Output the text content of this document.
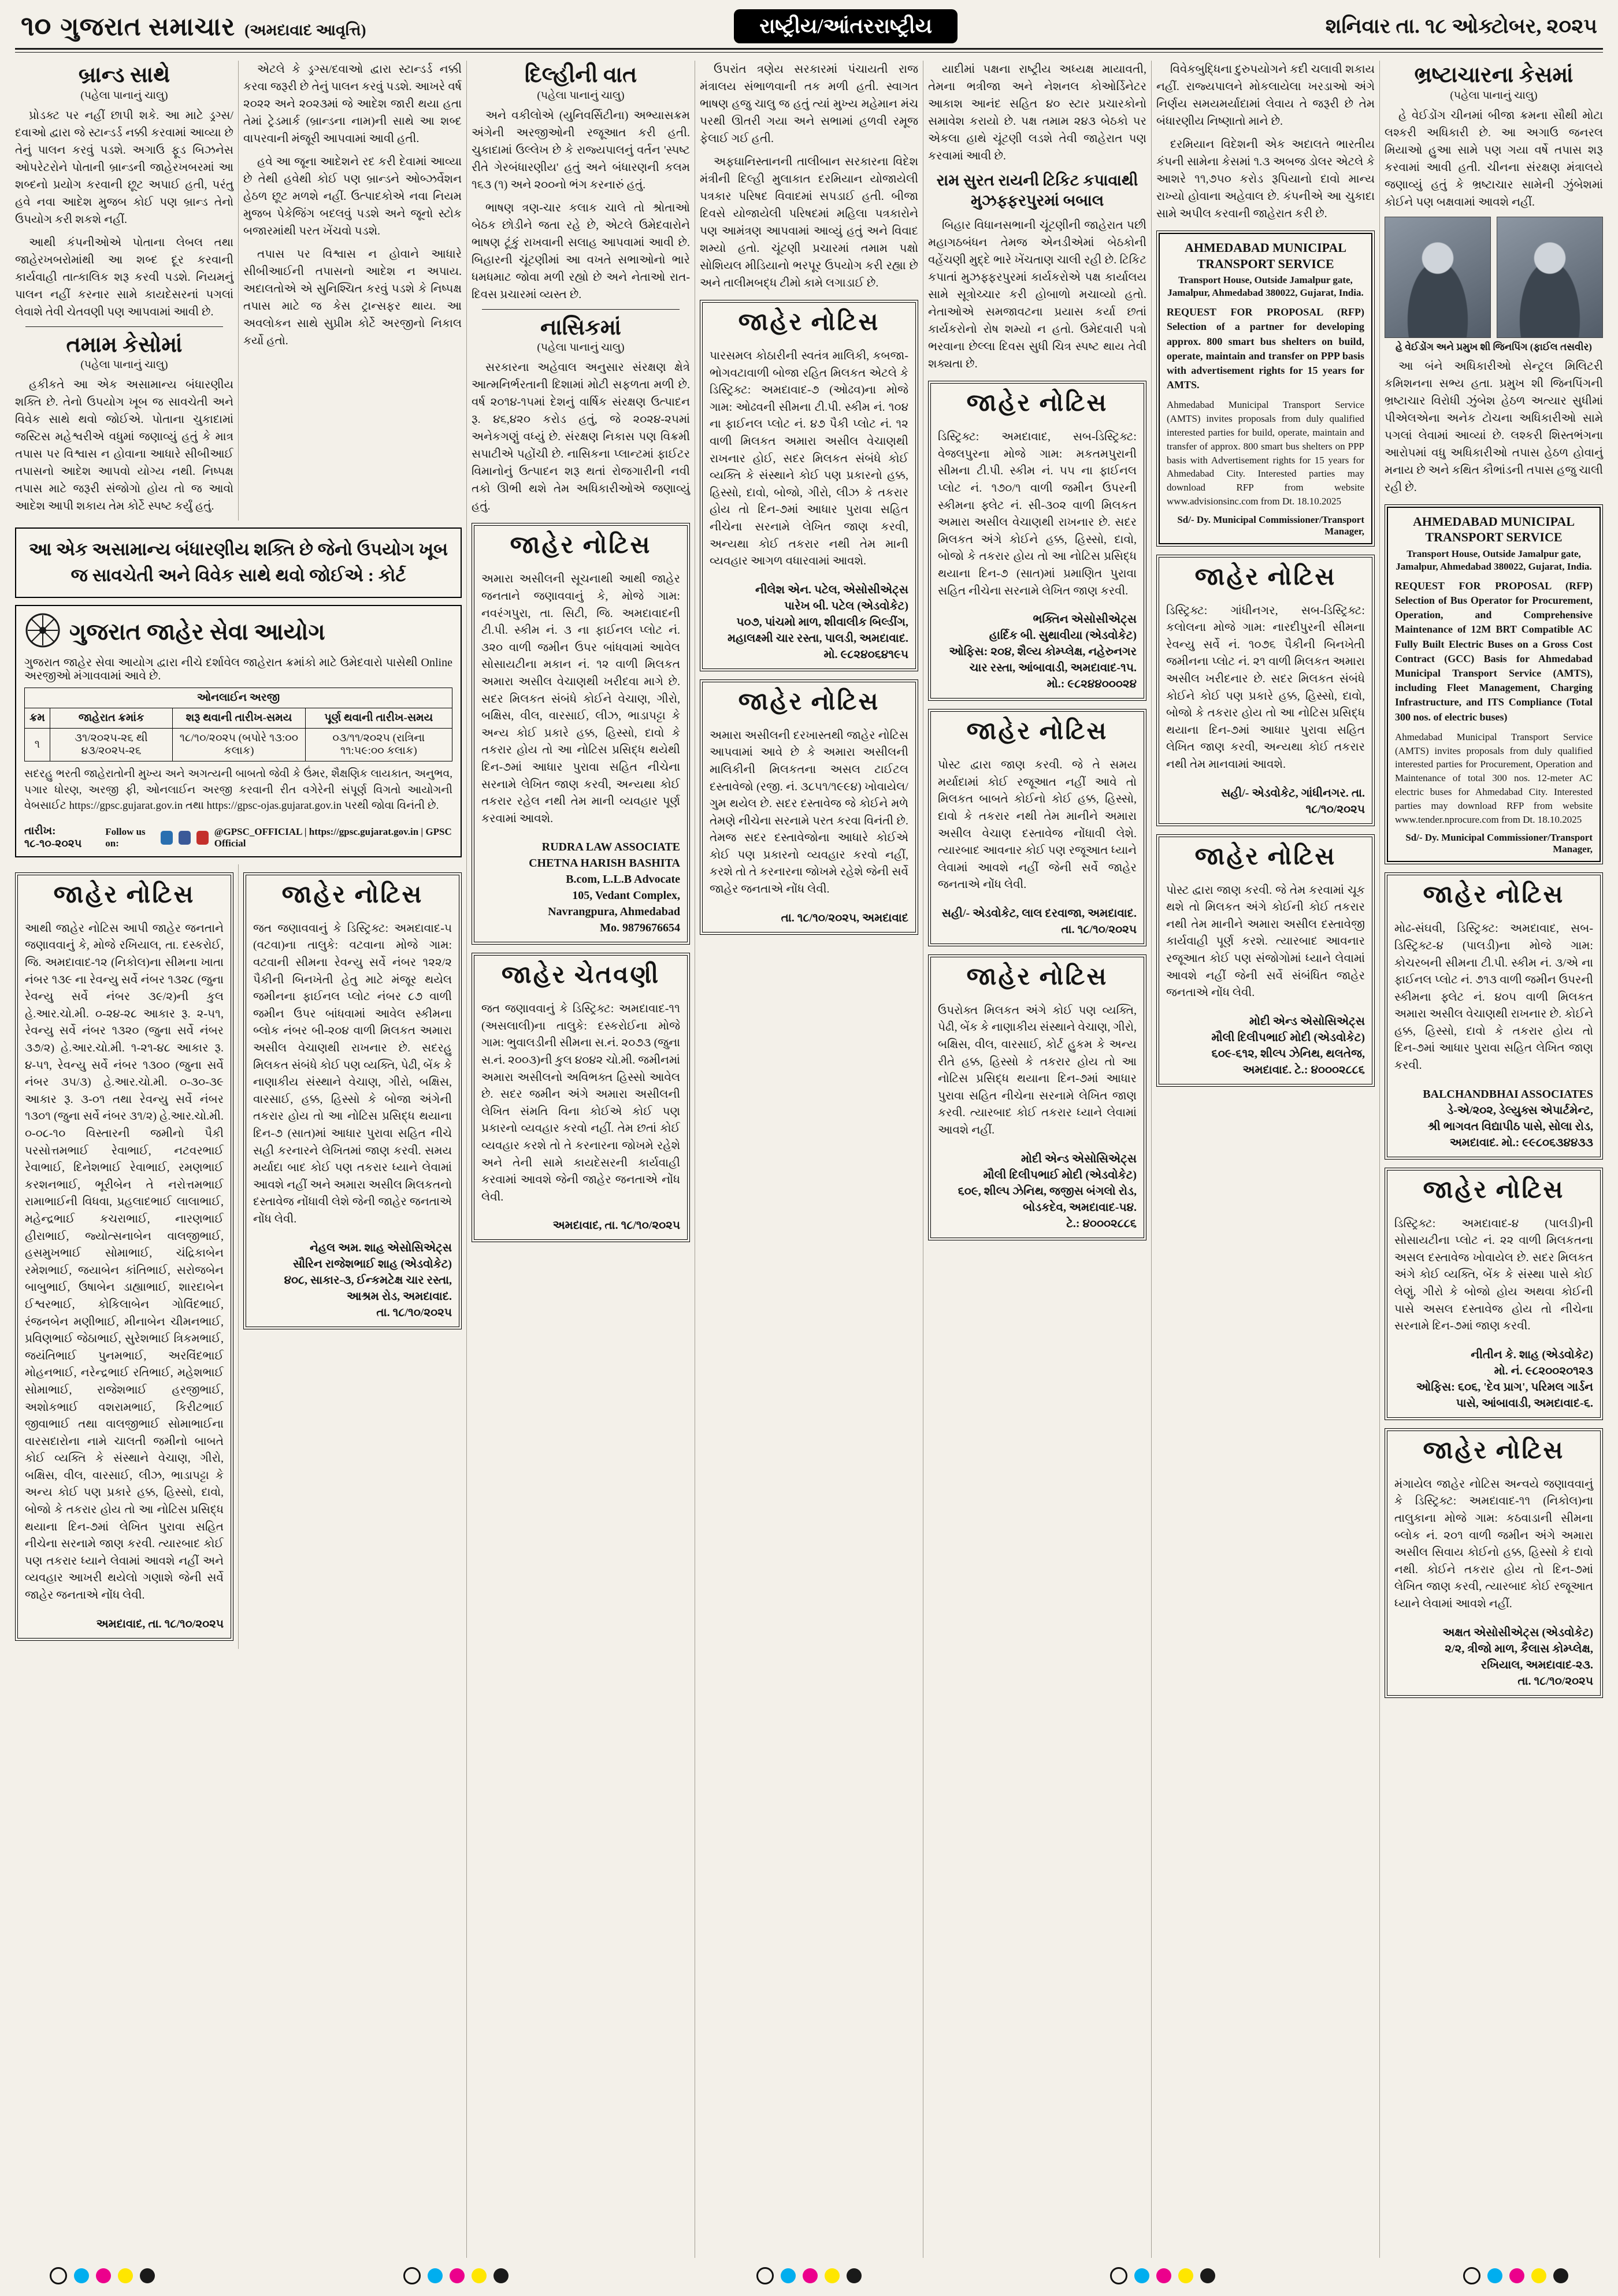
૧૦ ગુજરાત સમાચાર (અમદાવાદ આવૃત્તિ)	રાષ્ટ્રીય/આંતરરાષ્ટ્રીય	શનિવાર તા. ૧૮ ઓક્ટોબર, ૨૦૨૫
બ્રાન્ડ સાથે
(પહેલા પાનાનું ચાલુ)

પ્રોડક્ટ પર નહીં છાપી શકે. આ માટે ડ્રગ્સ/દવાઓ દ્વારા જે સ્ટાન્ડર્ડ નક્કી કરવામાં આવ્યા છે તેનું પાલન કરવું પડશે. અગાઉ ફૂડ બિઝનેસ ઓપરેટરોને પોતાની બ્રાન્ડની જાહેરખબરમાં આ શબ્દનો પ્રયોગ કરવાની છૂટ અપાઈ હતી, પરંતુ હવે નવા આદેશ મુજબ કોઈ પણ બ્રાન્ડ તેનો ઉપયોગ કરી શકશે નહીં.

આથી કંપનીઓએ પોતાના લેબલ તથા જાહેરખબરોમાંથી આ શબ્દ દૂર કરવાની કાર્યવાહી તાત્કાલિક શરૂ કરવી પડશે. નિયમનું પાલન નહીં કરનાર સામે કાયદેસરનાં પગલાં લેવાશે તેવી ચેતવણી પણ આપવામાં આવી છે.

તમામ કેસોમાં
(પહેલા પાનાનું ચાલુ)

હકીકતે આ એક અસામાન્ય બંધારણીય શક્તિ છે. તેનો ઉપયોગ ખૂબ જ સાવચેતી અને વિવેક સાથે થવો જોઈએ. પોતાના ચુકાદામાં જસ્ટિસ મહેશ્વરીએ વધુમાં જણાવ્યું હતું કે માત્ર તપાસ પર વિશ્વાસ ન હોવાના આધારે સીબીઆઈ તપાસનો આદેશ આપવો યોગ્ય નથી. નિષ્પક્ષ તપાસ માટે જરૂરી સંજોગો હોય તો જ આવો આદેશ આપી શકાય તેમ કોર્ટે સ્પષ્ટ કર્યું હતું.

એટલે કે ડ્રગ્સ/દવાઓ દ્વારા સ્ટાન્ડર્ડ નક્કી કરવા જરૂરી છે તેનું પાલન કરવું પડશે. આખરે વર્ષ ૨૦૨૨ અને ૨૦૨૩માં જે આદેશ જારી થયા હતા તેમાં ટ્રેડમાર્ક (બ્રાન્ડના નામ)ની સાથે આ શબ્દ વાપરવાની મંજૂરી આપવામાં આવી હતી.

હવે આ જૂના આદેશને રદ કરી દેવામાં આવ્યા છે તેથી હવેથી કોઈ પણ બ્રાન્ડને ઓબ્ઝર્વેશન હેઠળ છૂટ મળશે નહીં. ઉત્પાદકોએ નવા નિયમ મુજબ પેકેજિંગ બદલવું પડશે અને જૂનો સ્ટોક બજારમાંથી પરત ખેંચવો પડશે.

તપાસ પર વિશ્વાસ ન હોવાને આધારે સીબીઆઈની તપાસનો આદેશ ન અપાય. અદાલતોએ એ સુનિશ્ચિત કરવું પડશે કે નિષ્પક્ષ તપાસ માટે જ કેસ ટ્રાન્સફર થાય. આ અવલોકન સાથે સુપ્રીમ કોર્ટે અરજીનો નિકાલ કર્યો હતો.

આ એક અસામાન્ય બંધારણીય શક્તિ છે જેનો ઉપયોગ ખૂબ જ સાવચેતી અને વિવેક સાથે થવો જોઈએ : કોર્ટ
ગુજરાત જાહેર સેવા આયોગ

ગુજરાત જાહેર સેવા આયોગ દ્વારા નીચે દર્શાવેલ જાહેરાત ક્રમાંકો માટે ઉમેદવારો પાસેથી Online અરજીઓ મંગાવવામાં આવે છે.

ઓનલાઈન અરજી			
ક્રમ	જાહેરાત ક્રમાંક	શરૂ થવાની તારીખ-સમય	પૂર્ણ થવાની તારીખ-સમય
૧	૩૧/૨૦૨૫-૨૬ થી ૪૩/૨૦૨૫-૨૬	૧૮/૧૦/૨૦૨૫ (બપોરે ૧૩:૦૦ કલાક)	૦૩/૧૧/૨૦૨૫ (રાત્રિના ૧૧:૫૯:૦૦ કલાક)

સદરહુ ભરતી જાહેરાતોની મુખ્ય અને અગત્યની બાબતો જેવી કે ઉંમર, શૈક્ષણિક લાયકાત, અનુભવ, પગાર ધોરણ, અરજી ફી, ઓનલાઈન અરજી કરવાની રીત વગેરેની સંપૂર્ણ વિગતો આયોગની વેબસાઈટ https://gpsc.gujarat.gov.in તથા https://gpsc-ojas.gujarat.gov.in પરથી જોવા વિનંતી છે.

તારીખ: ૧૮-૧૦-૨૦૨૫
Follow us on:
@GPSC_OFFICIAL | https://gpsc.gujarat.gov.in | GPSC Official
જાહેર નોટિસ

આથી જાહેર નોટિસ આપી જાહેર જનતાને જણાવવાનું કે, મોજે રખિયાલ, તા. દસ્કરોઈ, જિ. અમદાવાદ-૧૨ (નિકોલ)ના સીમના ખાતા નંબર ૧૩૯ ના રેવન્યુ સર્વે નંબર ૧૩૨૮ (જુના રેવન્યુ સર્વે નંબર ૩૯/૨)ની કુલ હે.આર.ચો.મી. ૦-૨૪-૨૮ આકાર રૂ. ૨-૫૧, રેવન્યુ સર્વે નંબર ૧૩૨૦ (જુના સર્વે નંબર ૩૭/૨) હે.આર.ચો.મી. ૧-૨૧-૪૮ આકાર રૂ. ૪-૫૧, રેવન્યુ સર્વે નંબર ૧૩૦૦ (જુના સર્વે નંબર ૩૫/૩) હે.આર.ચો.મી. ૦-૩૦-૩૯ આકાર રૂ. ૩-૦૧ તથા રેવન્યુ સર્વે નંબર ૧૩૦૧ (જુના સર્વે નંબર ૩૧/૨) હે.આર.ચો.મી. ૦-૦૮-૧૦ વિસ્તારની જમીનો પૈકી પરસોત્તમભાઈ રેવાભાઈ, નટવરભાઈ રેવાભાઈ, દિનેશભાઈ રેવાભાઈ, રમણભાઈ કરશનભાઈ, ભૂરીબેન તે નરોત્તમભાઈ રામાભાઈની વિધવા, પ્રહલાદભાઈ લાલાભાઈ, મહેન્દ્રભાઈ કચરાભાઈ, નારણભાઈ હીરાભાઈ, જ્યોત્સનાબેન વાલજીભાઈ, હસમુખભાઈ સોમાભાઈ, ચંદ્રિકાબેન રમેશભાઈ, જયાબેન કાંતિભાઈ, સરોજબેન બાબુભાઈ, ઉષાબેન ડાહ્યાભાઈ, શારદાબેન ઈશ્વરભાઈ, કોકિલાબેન ગોવિંદભાઈ, રંજનબેન મણીભાઈ, મીનાબેન ચીમનભાઈ, પ્રવિણભાઈ જેઠાભાઈ, સુરેશભાઈ ત્રિકમભાઈ, જયંતિભાઈ પુનમભાઈ, અરવિંદભાઈ મોહનભાઈ, નરેન્દ્રભાઈ રતિભાઈ, મહેશભાઈ સોમાભાઈ, રાજેશભાઈ હરજીભાઈ, અશોકભાઈ વશરામભાઈ, કિરીટભાઈ જીવાભાઈ તથા વાલજીભાઈ સોમાભાઈના વારસદારોના નામે ચાલતી જમીનો બાબતે કોઈ વ્યક્તિ કે સંસ્થાને વેચાણ, ગીરો, બક્ષિસ, વીલ, વારસાઈ, લીઝ, ભાડાપટ્ટા કે અન્ય કોઈ પણ પ્રકારે હક્ક, હિસ્સો, દાવો, બોજો કે તકરાર હોય તો આ નોટિસ પ્રસિદ્ધ થયાના દિન-૭માં લેખિત પુરાવા સહિત નીચેના સરનામે જાણ કરવી. ત્યારબાદ કોઈ પણ તકરાર ધ્યાને લેવામાં આવશે નહીં અને વ્યવહાર આખરી થયેલો ગણાશે જેની સર્વે જાહેર જનતાએ નોંધ લેવી.

અમદાવાદ, તા. ૧૮/૧૦/૨૦૨૫
જાહેર નોટિસ

જત જણાવવાનું કે ડિસ્ટ્રિક્ટ: અમદાવાદ-૫ (વટવા)ના તાલુકે: વટવાના મોજે ગામ: વટવાની સીમના રેવન્યુ સર્વે નંબર ૧૨૨/૨ પૈકીની બિનખેતી હેતુ માટે મંજૂર થયેલ જમીનના ફાઈનલ પ્લોટ નંબર ૮૭ વાળી જમીન ઉપર બાંધવામાં આવેલ સ્કીમના બ્લોક નંબર બી-૨૦૪ વાળી મિલકત અમારા અસીલ વેચાણથી રાખનાર છે. સદરહુ મિલકત સંબંધે કોઈ પણ વ્યક્તિ, પેઢી, બેંક કે નાણાકીય સંસ્થાને વેચાણ, ગીરો, બક્ષિસ, વારસાઈ, હક્ક, હિસ્સો કે બોજા અંગેની તકરાર હોય તો આ નોટિસ પ્રસિદ્ધ થયાના દિન-૭ (સાત)માં આધાર પુરાવા સહિત નીચે સહી કરનારને લેખિતમાં જાણ કરવી. સમય મર્યાદા બાદ કોઈ પણ તકરાર ધ્યાને લેવામાં આવશે નહીં અને અમારા અસીલ મિલકતનો દસ્તાવેજ નોંધાવી લેશે જેની જાહેર જનતાએ નોંધ લેવી.

નેહલ અમ. શાહ એસોસિએટ્સ
સૌરિન રાજેશભાઈ શાહ (એડવોકેટ)
૪૦૮, સાકાર-૩, ઈન્કમટેક્ષ ચાર રસ્તા,
આશ્રમ રોડ, અમદાવાદ.
તા. ૧૮/૧૦/૨૦૨૫
દિલ્હીની વાત
(પહેલા પાનાનું ચાલુ)

અને વકીલોએ (યુનિવર્સિટીના) અભ્યાસક્રમ અંગેની અરજીઓની રજૂઆત કરી હતી. ચુકાદામાં ઉલ્લેખ છે કે રાજ્યપાલનું વર્તન 'સ્પષ્ટ રીતે ગેરબંધારણીય' હતું અને બંધારણની કલમ ૧૬૩ (૧) અને ૨૦૦નો ભંગ કરનારું હતું.

ભાષણ ત્રણ-ચાર કલાક ચાલે તો શ્રોતાઓ બેઠક છોડીને જતા રહે છે, એટલે ઉમેદવારોને ભાષણ ટૂંકું રાખવાની સલાહ આપવામાં આવી છે. બિહારની ચૂંટણીમાં આ વખતે સભાઓનો ભારે ધમધમાટ જોવા મળી રહ્યો છે અને નેતાઓ રાત-દિવસ પ્રચારમાં વ્યસ્ત છે.

નાસિકમાં
(પહેલા પાનાનું ચાલુ)

સરકારના અહેવાલ અનુસાર સંરક્ષણ ક્ષેત્રે આત્મનિર્ભરતાની દિશામાં મોટી સફળતા મળી છે. વર્ષ ૨૦૧૪-૧૫માં દેશનું વાર્ષિક સંરક્ષણ ઉત્પાદન રૂ. ૪૬,૪૨૦ કરોડ હતું, જે ૨૦૨૪-૨૫માં અનેકગણું વધ્યું છે. સંરક્ષણ નિકાસ પણ વિક્રમી સપાટીએ પહોંચી છે. નાસિકના પ્લાન્ટમાં ફાઈટર વિમાનોનું ઉત્પાદન શરૂ થતાં રોજગારીની નવી તકો ઊભી થશે તેમ અધિકારીઓએ જણાવ્યું હતું.

જાહેર નોટિસ

અમારા અસીલની સૂચનાથી આથી જાહેર જનતાને જણાવવાનું કે, મોજે ગામ: નવરંગપુરા, તા. સિટી, જિ. અમદાવાદની ટી.પી. સ્કીમ નં. ૩ ના ફાઈનલ પ્લોટ નં. ૩૨૦ વાળી જમીન ઉપર બાંધવામાં આવેલ સોસાયટીના મકાન નં. ૧૨ વાળી મિલકત અમારા અસીલ વેચાણથી ખરીદવા માગે છે. સદર મિલકત સંબંધે કોઈને વેચાણ, ગીરો, બક્ષિસ, વીલ, વારસાઈ, લીઝ, ભાડાપટ્ટા કે અન્ય કોઈ પ્રકારે હક્ક, હિસ્સો, દાવો કે તકરાર હોય તો આ નોટિસ પ્રસિદ્ધ થયેથી દિન-૭માં આધાર પુરાવા સહિત નીચેના સરનામે લેખિત જાણ કરવી, અન્યથા કોઈ તકરાર રહેલ નથી તેમ માની વ્યવહાર પૂર્ણ કરવામાં આવશે.

RUDRA LAW ASSOCIATE
CHETNA HARISH BASHITA
B.com, L.L.B Advocate
105, Vedant Complex,
Navrangpura, Ahmedabad
Mo. 9879676654
જાહેર ચેતવણી

જત જણાવવાનું કે ડિસ્ટ્રિક્ટ: અમદાવાદ-૧૧ (અસલાલી)ના તાલુકે: દસ્કરોઈના મોજે ગામ: ભુવાલડીની સીમના સ.નં. ૨૦૭૩ (જુના સ.નં. ૨૦૦૩)ની કુલ ૪૦૪૨ ચો.મી. જમીનમાં અમારા અસીલનો અવિભક્ત હિસ્સો આવેલ છે. સદર જમીન અંગે અમારા અસીલની લેખિત સંમતિ વિના કોઈએ કોઈ પણ પ્રકારનો વ્યવહાર કરવો નહીં. તેમ છતાં કોઈ વ્યવહાર કરશે તો તે કરનારના જોખમે રહેશે અને તેની સામે કાયદેસરની કાર્યવાહી કરવામાં આવશે જેની જાહેર જનતાએ નોંધ લેવી.

અમદાવાદ, તા. ૧૮/૧૦/૨૦૨૫

ઉપરાંત ત્રણેય સરકારમાં પંચાયતી રાજ મંત્રાલય સંભાળવાની તક મળી હતી. સ્વાગત ભાષણ હજુ ચાલુ જ હતું ત્યાં મુખ્ય મહેમાન મંચ પરથી ઊતરી ગયા અને સભામાં હળવી રમૂજ ફેલાઈ ગઈ હતી.

અફઘાનિસ્તાનની તાલીબાન સરકારના વિદેશ મંત્રીની દિલ્હી મુલાકાત દરમિયાન યોજાયેલી પત્રકાર પરિષદ વિવાદમાં સપડાઈ હતી. બીજા દિવસે યોજાયેલી પરિષદમાં મહિલા પત્રકારોને પણ આમંત્રણ આપવામાં આવ્યું હતું અને વિવાદ શમ્યો હતો. ચૂંટણી પ્રચારમાં તમામ પક્ષો સોશિયલ મીડિયાનો ભરપૂર ઉપયોગ કરી રહ્યા છે અને તાલીમબદ્ધ ટીમો કામે લગાડાઈ છે.

જાહેર નોટિસ

પારસમલ કોઠારીની સ્વતંત્ર માલિકી, કબજા-ભોગવટાવાળી બોજા રહિત મિલકત એટલે કે ડિસ્ટ્રિક્ટ: અમદાવાદ-૭ (ઓઢવ)ના મોજે ગામ: ઓઢવની સીમના ટી.પી. સ્કીમ નં. ૧૦૪ ના ફાઈનલ પ્લોટ નં. ૪૭ પૈકી પ્લોટ નં. ૧૨ વાળી મિલકત અમારા અસીલ વેચાણથી રાખનાર હોઈ, સદર મિલકત સંબંધે કોઈ વ્યક્તિ કે સંસ્થાને કોઈ પણ પ્રકારનો હક્ક, હિસ્સો, દાવો, બોજો, ગીરો, લીઝ કે તકરાર હોય તો દિન-૭માં આધાર પુરાવા સહિત નીચેના સરનામે લેખિત જાણ કરવી, અન્યથા કોઈ તકરાર નથી તેમ માની વ્યવહાર આગળ વધારવામાં આવશે.

નીલેશ એન. પટેલ, એસોસીએટ્સ
પારેખ બી. પટેલ (એડવોકેટ)
૫૦૭, પાંચમો માળ, શીવાલીક બિલ્ડીંગ,
મહાલક્ષ્મી ચાર રસ્તા, પાલડી, અમદાવાદ.
મો. ૯૮૨૪૦૬૪૧૯૫
જાહેર નોટિસ

અમારા અસીલની દરખાસ્તથી જાહેર નોટિસ આપવામાં આવે છે કે અમારા અસીલની માલિકીની મિલકતના અસલ ટાઈટલ દસ્તાવેજો (રજી. નં. ૩૮૫૧/૧૯૯૪) ખોવાયેલ/ગુમ થયેલ છે. સદર દસ્તાવેજ જે કોઈને મળે તેમણે નીચેના સરનામે પરત કરવા વિનંતી છે. તેમજ સદર દસ્તાવેજોના આધારે કોઈએ કોઈ પણ પ્રકારનો વ્યવહાર કરવો નહીં, કરશે તો તે કરનારના જોખમે રહેશે જેની સર્વે જાહેર જનતાએ નોંધ લેવી.

તા. ૧૮/૧૦/૨૦૨૫, અમદાવાદ

યાદીમાં પક્ષના રાષ્ટ્રીય અધ્યક્ષ માયાવતી, તેમના ભત્રીજા અને નેશનલ કોઓર્ડિનેટર આકાશ આનંદ સહિત ૪૦ સ્ટાર પ્રચારકોનો સમાવેશ કરાયો છે. પક્ષ તમામ ૨૪૩ બેઠકો પર એકલા હાથે ચૂંટણી લડશે તેવી જાહેરાત પણ કરવામાં આવી છે.

રામ સુરત રાયની ટિકિટ કપાવાથી મુઝફ્ફરપુરમાં બબાલ

બિહાર વિધાનસભાની ચૂંટણીની જાહેરાત પછી મહાગઠબંધન તેમજ એનડીએમાં બેઠકોની વહેંચણી મુદ્દે ભારે ખેંચતાણ ચાલી રહી છે. ટિકિટ કપાતાં મુઝફ્ફરપુરમાં કાર્યકરોએ પક્ષ કાર્યાલય સામે સૂત્રોચ્ચાર કરી હોબાળો મચાવ્યો હતો. નેતાઓએ સમજાવટના પ્રયાસ કર્યા છતાં કાર્યકરોનો રોષ શમ્યો ન હતો. ઉમેદવારી પત્રો ભરવાના છેલ્લા દિવસ સુધી ચિત્ર સ્પષ્ટ થાય તેવી શક્યતા છે.

જાહેર નોટિસ

ડિસ્ટ્રિક્ટ: અમદાવાદ, સબ-ડિસ્ટ્રિક્ટ: વેજલપુરના મોજે ગામ: મકતમપુરાની સીમના ટી.પી. સ્કીમ નં. ૫૫ ના ફાઈનલ પ્લોટ નં. ૧૭૦/૧ વાળી જમીન ઉપરની સ્કીમના ફ્લેટ નં. સી-૩૦૨ વાળી મિલકત અમારા અસીલ વેચાણથી રાખનાર છે. સદર મિલકત અંગે કોઈને હક્ક, હિસ્સો, દાવો, બોજો કે તકરાર હોય તો આ નોટિસ પ્રસિદ્ધ થયાના દિન-૭ (સાત)માં પ્રમાણિત પુરાવા સહિત નીચેના સરનામે લેખિત જાણ કરવી.

ભક્તિન એસોસીએટ્સ
હાર્દિક બી. સુથાવીયા (એડવોકેટ)
ઓફિસ: ૨૦૪, શૈલ્ય કોમ્પ્લેક્ષ, નહેરુનગર
ચાર રસ્તા, આંબાવાડી, અમદાવાદ-૧૫.
મો.: ૯૮૨૪૪૦૦૦૨૪
જાહેર નોટિસ

પોસ્ટ દ્વારા જાણ કરવી. જે તે સમય મર્યાદામાં કોઈ રજૂઆત નહીં આવે તો મિલકત બાબતે કોઈનો કોઈ હક્ક, હિસ્સો, દાવો કે તકરાર નથી તેમ માનીને અમારા અસીલ વેચાણ દસ્તાવેજ નોંધાવી લેશે. ત્યારબાદ આવનાર કોઈ પણ રજૂઆત ધ્યાને લેવામાં આવશે નહીં જેની સર્વે જાહેર જનતાએ નોંધ લેવી.

સહી/- એડવોકેટ, લાલ દરવાજા, અમદાવાદ. તા. ૧૮/૧૦/૨૦૨૫
જાહેર નોટિસ

ઉપરોક્ત મિલકત અંગે કોઈ પણ વ્યક્તિ, પેઢી, બેંક કે નાણાકીય સંસ્થાને વેચાણ, ગીરો, બક્ષિસ, વીલ, વારસાઈ, કોર્ટ હુકમ કે અન્ય રીતે હક્ક, હિસ્સો કે તકરાર હોય તો આ નોટિસ પ્રસિદ્ધ થયાના દિન-૭માં આધાર પુરાવા સહિત નીચેના સરનામે લેખિત જાણ કરવી. ત્યારબાદ કોઈ તકરાર ધ્યાને લેવામાં આવશે નહીં.

મોદી એન્ડ એસોસિએટ્સ
મૌલી દિલીપભાઈ મોદી (એડવોકેટ)
૬૦૯, શીલ્પ ઝેનિથ, જજીસ બંગલો રોડ,
બોડકદેવ, અમદાવાદ-૫૪.
ટે.: ૪૦૦૦૨૮૮૬

વિવેકબુદ્ધિના દુરુપયોગને કદી ચલાવી શકાય નહીં. રાજ્યપાલને મોકલાયેલા ખરડાઓ અંગે નિર્ણય સમયમર્યાદામાં લેવાય તે જરૂરી છે તેમ બંધારણીય નિષ્ણાતો માને છે.

દરમિયાન વિદેશની એક અદાલતે ભારતીય કંપની સામેના કેસમાં ૧.૩ અબજ ડોલર એટલે કે આશરે ૧૧,૭૫૦ કરોડ રૂપિયાનો દાવો માન્ય રાખ્યો હોવાના અહેવાલ છે. કંપનીએ આ ચુકાદા સામે અપીલ કરવાની જાહેરાત કરી છે.

AHMEDABAD MUNICIPAL TRANSPORT SERVICE
Transport House, Outside Jamalpur gate, Jamalpur, Ahmedabad 380022, Gujarat, India.
REQUEST FOR PROPOSAL (RFP) Selection of a partner for developing approx. 800 smart bus shelters on build, operate, maintain and transfer on PPP basis with advertisement rights for 15 years for AMTS.
Ahmedabad Municipal Transport Service (AMTS) invites proposals from duly qualified interested parties for build, operate, maintain and transfer of approx. 800 smart bus shelters on PPP basis with Advertisement rights for 15 years for Ahmedabad City. Interested parties may download RFP from website www.advisionsinc.com from Dt. 18.10.2025
Sd/- Dy. Municipal Commissioner/Transport Manager,
જાહેર નોટિસ

ડિસ્ટ્રિક્ટ: ગાંધીનગર, સબ-ડિસ્ટ્રિક્ટ: કલોલના મોજે ગામ: નારદીપુરની સીમના રેવન્યુ સર્વે નં. ૧૦૭૬ પૈકીની બિનખેતી જમીનના પ્લોટ નં. ૨૧ વાળી મિલકત અમારા અસીલ ખરીદનાર છે. સદર મિલકત સંબંધે કોઈને કોઈ પણ પ્રકારે હક્ક, હિસ્સો, દાવો, બોજો કે તકરાર હોય તો આ નોટિસ પ્રસિદ્ધ થયાના દિન-૭માં આધાર પુરાવા સહિત લેખિત જાણ કરવી, અન્યથા કોઈ તકરાર નથી તેમ માનવામાં આવશે.

સહી/- એડવોકેટ, ગાંધીનગર. તા. ૧૮/૧૦/૨૦૨૫
જાહેર નોટિસ

પોસ્ટ દ્વારા જાણ કરવી. જે તેમ કરવામાં ચૂક થશે તો મિલકત અંગે કોઈની કોઈ તકરાર નથી તેમ માનીને અમારા અસીલ દસ્તાવેજી કાર્યવાહી પૂર્ણ કરશે. ત્યારબાદ આવનાર રજૂઆત કોઈ પણ સંજોગોમાં ધ્યાને લેવામાં આવશે નહીં જેની સર્વે સંબંધિત જાહેર જનતાએ નોંધ લેવી.

મોદી એન્ડ એસોસિએટ્સ
મૌલી દિલીપભાઈ મોદી (એડવોકેટ)
૬૦૯-૬૧૨, શીલ્પ ઝેનિથ, થલતેજ,
અમદાવાદ. ટે.: ૪૦૦૦૨૮૮૬
ભ્રષ્ટાચારના કેસમાં
(પહેલા પાનાનું ચાલુ)

હે વેઈડોંગ ચીનમાં બીજા ક્રમના સૌથી મોટા લશ્કરી અધિકારી છે. આ અગાઉ જનરલ મિયાઓ હુઆ સામે પણ ગયા વર્ષે તપાસ શરૂ કરવામાં આવી હતી. ચીનના સંરક્ષણ મંત્રાલયે જણાવ્યું હતું કે ભ્રષ્ટાચાર સામેની ઝુંબેશમાં કોઈને પણ બક્ષવામાં આવશે નહીં.

હે વેઈડોંગ અને પ્રમુખ શી જિનપિંગ (ફાઈલ તસવીર)

આ બંને અધિકારીઓ સેન્ટ્રલ મિલિટરી કમિશનના સભ્ય હતા. પ્રમુખ શી જિનપિંગની ભ્રષ્ટાચાર વિરોધી ઝુંબેશ હેઠળ અત્યાર સુધીમાં પીએલએના અનેક ટોચના અધિકારીઓ સામે પગલાં લેવામાં આવ્યાં છે. લશ્કરી શિસ્તભંગના આરોપમાં વધુ અધિકારીઓ તપાસ હેઠળ હોવાનું મનાય છે અને કથિત કૌભાંડની તપાસ હજુ ચાલી રહી છે.

AHMEDABAD MUNICIPAL TRANSPORT SERVICE
Transport House, Outside Jamalpur gate, Jamalpur, Ahmedabad 380022, Gujarat, India.
REQUEST FOR PROPOSAL (RFP) Selection of Bus Operator for Procurement, Operation, and Comprehensive Maintenance of 12M BRT Compatible AC Fully Built Electric Buses on a Gross Cost Contract (GCC) Basis for Ahmedabad Municipal Transport Service (AMTS), including Fleet Management, Charging Infrastructure, and ITS Compliance (Total 300 nos. of electric buses)
Ahmedabad Municipal Transport Service (AMTS) invites proposals from duly qualified interested parties for Procurement, Operation and Maintenance of total 300 nos. 12-meter AC electric buses for Ahmedabad City. Interested parties may download RFP from website www.tender.nprocure.com from Dt. 18.10.2025
Sd/- Dy. Municipal Commissioner/Transport Manager,
જાહેર નોટિસ

મોઢ-સંઘવી, ડિસ્ટ્રિક્ટ: અમદાવાદ, સબ-ડિસ્ટ્રિક્ટ-૪ (પાલડી)ના મોજે ગામ: કોચરબની સીમના ટી.પી. સ્કીમ નં. ૩/એ ના ફાઈનલ પ્લોટ નં. ૭૧૩ વાળી જમીન ઉપરની સ્કીમના ફ્લેટ નં. ૪૦૫ વાળી મિલકત અમારા અસીલ વેચાણથી રાખનાર છે. કોઈને હક્ક, હિસ્સો, દાવો કે તકરાર હોય તો દિન-૭માં આધાર પુરાવા સહિત લેખિત જાણ કરવી.

BALCHANDBHAI ASSOCIATES
ડે-એ/૨૦૨, ડેલ્યુક્સ એપાર્ટમેન્ટ,
શ્રી ભાગવત વિદ્યાપીઠ પાસે, સોલા રોડ,
અમદાવાદ. મો.: ૯૯૮૦૬૩૪૪૩૩
જાહેર નોટિસ

ડિસ્ટ્રિક્ટ: અમદાવાદ-૪ (પાલડી)ની સોસાયટીના પ્લોટ નં. ૨૨ વાળી મિલકતના અસલ દસ્તાવેજ ખોવાયેલ છે. સદર મિલકત અંગે કોઈ વ્યક્તિ, બેંક કે સંસ્થા પાસે કોઈ લેણું, ગીરો કે બોજો હોય અથવા કોઈની પાસે અસલ દસ્તાવેજ હોય તો નીચેના સરનામે દિન-૭માં જાણ કરવી.

નીતીન કે. શાહ (એડવોકેટ)
મો. નં. ૯૮૨૦૦૨૦૧૨૩
ઓફિસ: ૬૦૬, 'દેવ પ્રાગ', પરિમલ ગાર્ડન
પાસે, આંબાવાડી, અમદાવાદ-૬.
જાહેર નોટિસ

મંગાયેલ જાહેર નોટિસ અન્વયે જણાવવાનું કે ડિસ્ટ્રિક્ટ: અમદાવાદ-૧૧ (નિકોલ)ના તાલુકાના મોજે ગામ: કઠવાડાની સીમના બ્લોક નં. ૨૦૧ વાળી જમીન અંગે અમારા અસીલ સિવાય કોઈનો હક્ક, હિસ્સો કે દાવો નથી. કોઈને તકરાર હોય તો દિન-૭માં લેખિત જાણ કરવી, ત્યારબાદ કોઈ રજૂઆત ધ્યાને લેવામાં આવશે નહીં.

અક્ષત એસોસીએટ્સ (એડવોકેટ)
૨/૨, ત્રીજો માળ, કૈલાસ કોમ્પ્લેક્ષ,
રખિયાલ, અમદાવાદ-૨૩.
તા. ૧૮/૧૦/૨૦૨૫
